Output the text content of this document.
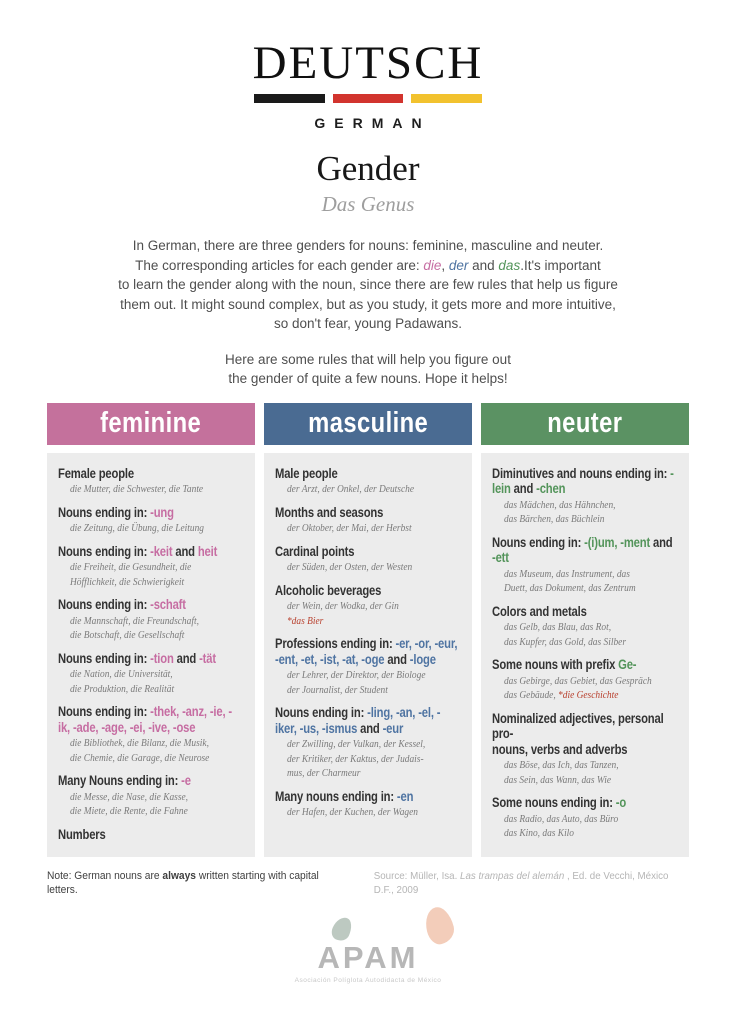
DEUTSCH
GERMAN
Gender
Das Genus
In German, there are three genders for nouns: feminine, masculine and neuter.
The corresponding articles for each gender are: die, der and das.It's important
to learn the gender along with the noun, since there are few rules that help us figure
them out. It might sound complex, but as you study, it gets more and more intuitive,
so don't fear, young Padawans.
Here are some rules that will help you figure out
the gender of quite a few nouns. Hope it helps!
feminine
Female people
die Mutter, die Schwester, die Tante
Nouns ending in: -ung
die Zeitung, die Übung, die Leitung
Nouns ending in: -keit and heit
die Freiheit, die Gesundheit, die
Höfflichkeit, die Schwierigkeit
Nouns ending in: -schaft
die Mannschaft, die Freundschaft,
die Botschaft, die Gesellschaft
Nouns ending in: -tion and -tät
die Nation, die Universität,
die Produktion, die Realität
Nouns ending in: -thek, -anz, -ie, -ik, -ade, -age, -ei, -ive, -ose
die Bibliothek, die Bilanz, die Musik,
die Chemie, die Garage, die Neurose
Many Nouns ending in: -e
die Messe, die Nase, die Kasse,
die Miete, die Rente, die Fahne
Numbers
masculine
Male people
der Arzt, der Onkel, der Deutsche
Months and seasons
der Oktober, der Mai, der Herbst
Cardinal points
der Süden, der Osten, der Westen
Alcoholic beverages
der Wein, der Wodka, der Gin
*das Bier
Professions ending in: -er, -or, -eur, -ent, -et, -ist, -at, -oge and -loge
der Lehrer, der Direktor, der Biologe
der Journalist, der Student
Nouns ending in: -ling, -an, -el, -iker, -us, -ismus and -eur
der Zwilling, der Vulkan, der Kessel,
der Kritiker, der Kaktus, der Judais-
mus, der Charmeur
Many nouns ending in: -en
der Hafen, der Kuchen, der Wagen
neuter
Diminutives and nouns ending in: -lein and -chen
das Mädchen, das Hähnchen,
das Bärchen, das Büchlein
Nouns ending in: -(i)um, -ment and -ett
das Museum, das Instrument, das
Duett, das Dokument, das Zentrum
Colors and metals
das Gelb, das Blau, das Rot,
das Kupfer, das Gold, das Silber
Some nouns with prefix Ge-
das Gebirge, das Gebiet, das Gespräch
das Gebäude, *die Geschichte
Nominalized adjectives, personal pro-
nouns, verbs and adverbs
das Böse, das Ich, das Tanzen,
das Sein, das Wann, das Wie
Some nouns ending in: -o
das Radio, das Auto, das Büro
das Kino, das Kilo
Note: German nouns are always written starting with capital letters.
Source: Müller, Isa. Las trampas del alemán , Ed. de Vecchi, México D.F., 2009
APAM
Asociación Políglota Autodidacta de México
